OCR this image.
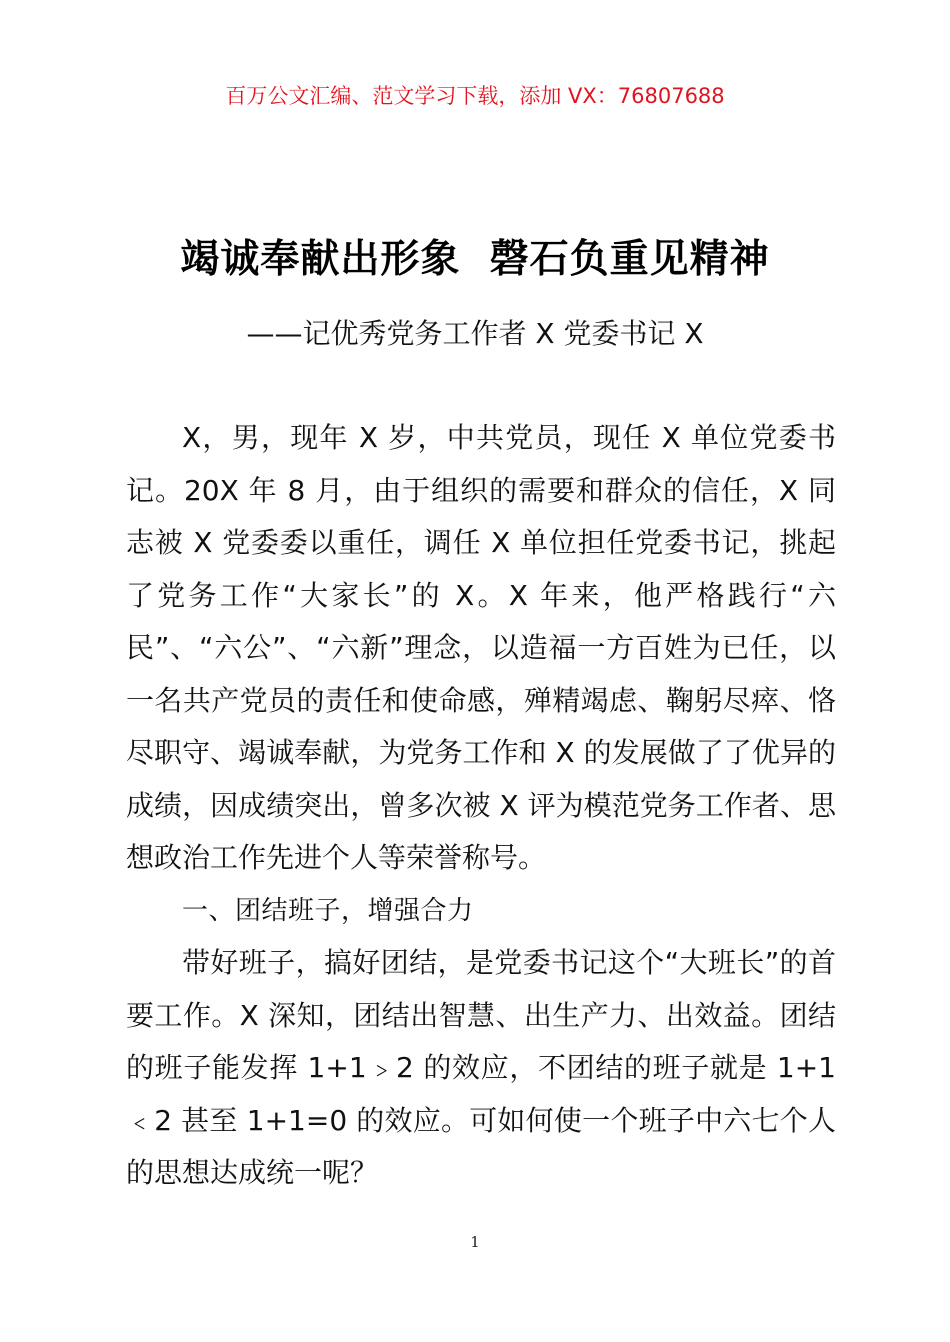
百万公文汇编、范文学习下载，添加 VX：76807688
竭诚奉献出形象  磬石负重见精神
——记优秀党务工作者 X 党委书记 X

X，男，现年 X 岁，中共党员，现任 X 单位党委书记。20X 年 8 月，由于组织的需要和群众的信任，X 同志被 X 党委委以重任，调任 X 单位担任党委书记，挑起了党务工作“大家长”的 X。X 年来，他严格践行“六民”、“六公”、“六新”理念，以造福一方百姓为已任，以一名共产党员的责任和使命感，殚精竭虑、鞠躬尽瘁、恪尽职守、竭诚奉献，为党务工作和 X 的发展做了了优异的成绩，因成绩突出，曾多次被 X 评为模范党务工作者、思想政治工作先进个人等荣誉称号。

一、团结班子，增强合力

带好班子，搞好团结，是党委书记这个“大班长”的首要工作。X 深知，团结出智慧、出生产力、出效益。团结的班子能发挥 1+1﹥2 的效应，不团结的班子就是 1+1﹤2 甚至 1+1=0 的效应。可如何使一个班子中六七个人的思想达成统一呢？

1
